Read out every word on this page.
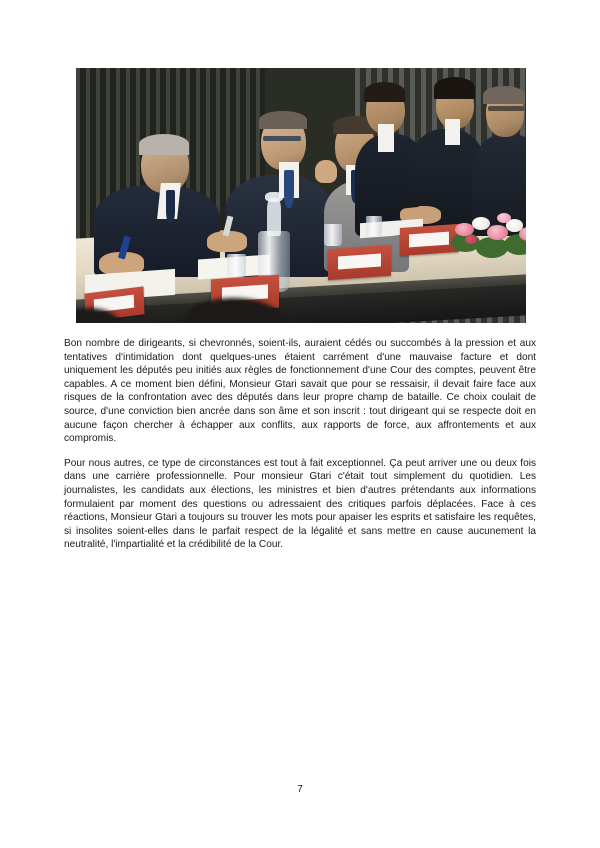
Bon nombre de dirigeants, si chevronnés, soient-ils, auraient cédés ou succombés à la pression et aux tentatives d'intimidation dont quelques-unes étaient carrément d'une mauvaise facture et dont uniquement les députés peu initiés aux règles de fonctionnement d'une Cour des comptes, peuvent être capables. A ce moment bien défini, Monsieur Gtari savait que pour se ressaisir, il devait faire face aux risques de la confrontation avec des députés dans leur propre champ de bataille. Ce choix coulait de source, d'une conviction bien ancrée dans son âme et son inscrit : tout dirigeant qui se respecte doit en aucune façon chercher à échapper aux conflits, aux rapports de force, aux affrontements et aux compromis.

Pour nous autres, ce type de circonstances est tout à fait exceptionnel. Ça peut arriver une ou deux fois dans une carrière professionnelle. Pour monsieur Gtari c'était tout simplement du quotidien. Les journalistes, les candidats aux élections, les ministres et bien d'autres prétendants aux informations formulaient par moment des questions ou adressaient des critiques parfois déplacées. Face à ces réactions, Monsieur Gtari a toujours su trouver les mots pour apaiser les esprits et satisfaire les requêtes, si insolites soient-elles dans le parfait respect de la légalité et sans mettre en cause aucunement la neutralité, l'impartialité et la crédibilité de la Cour.

7
